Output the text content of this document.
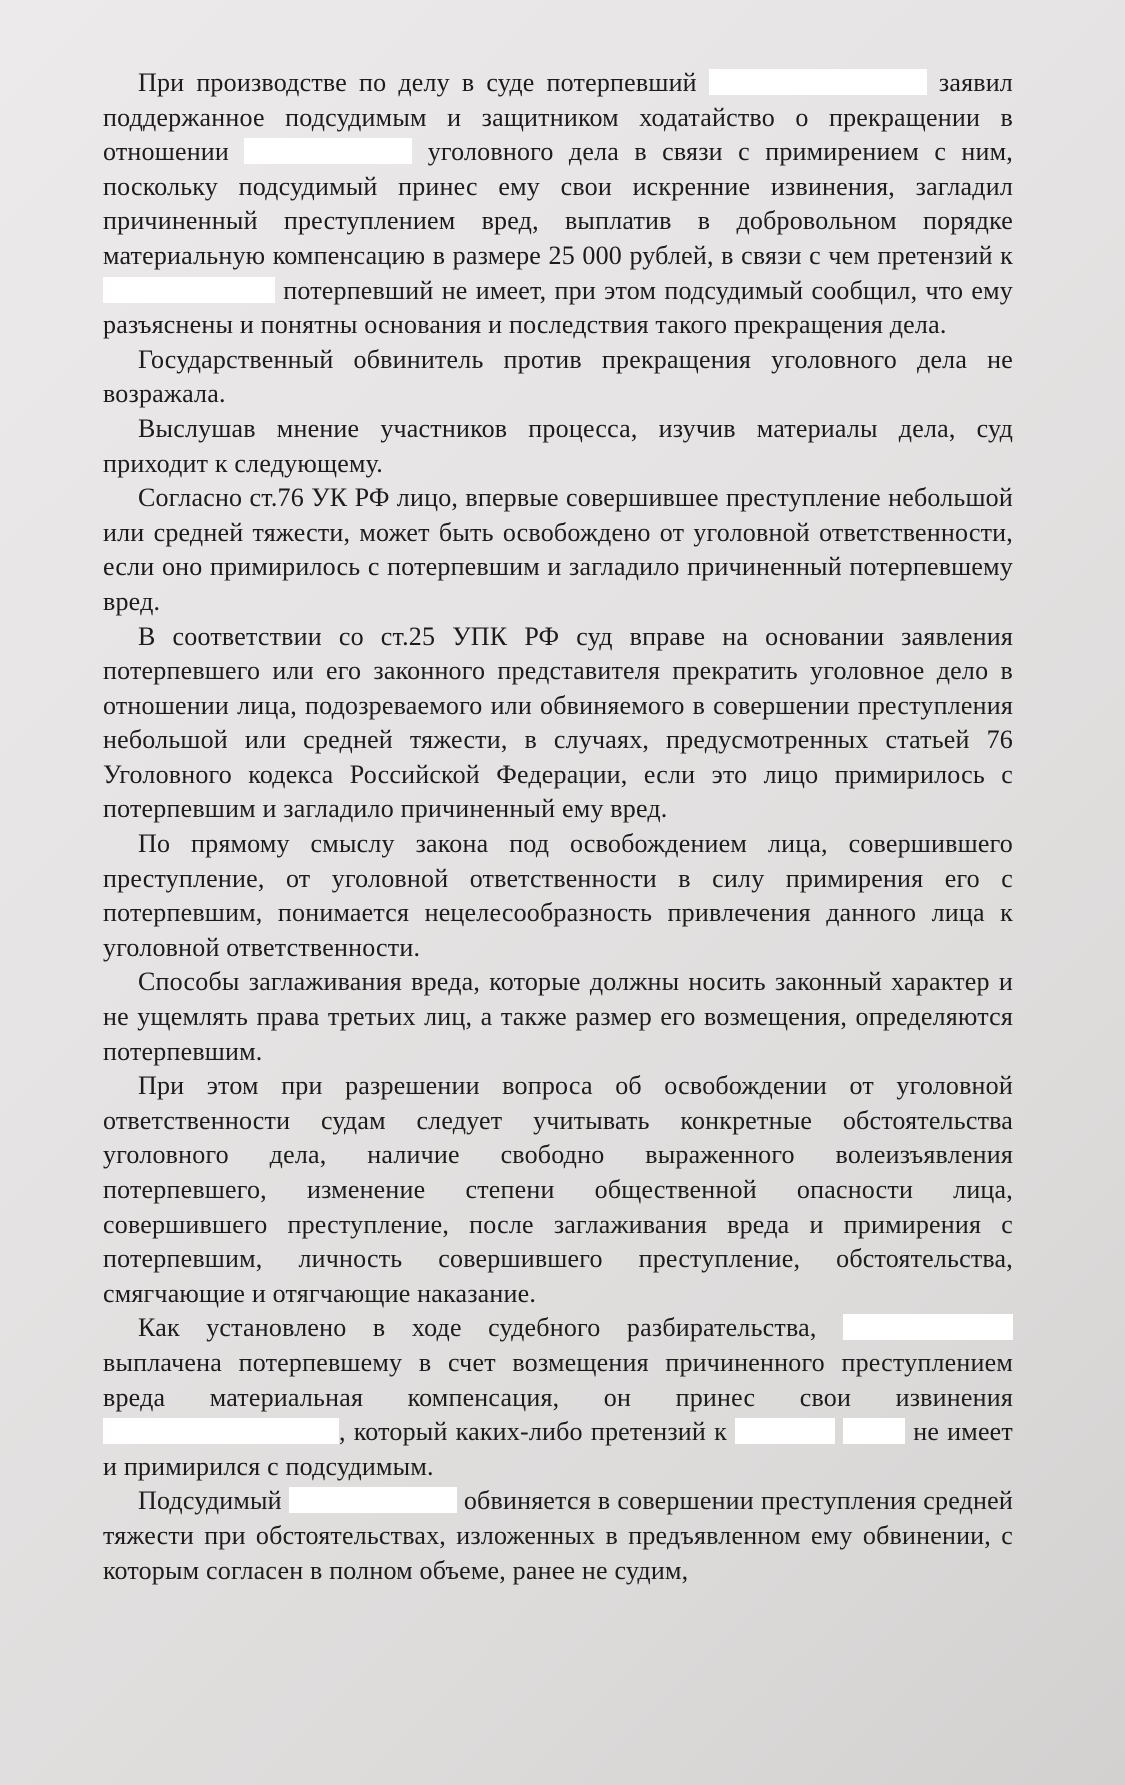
При производстве по делу в суде потерпевший	заявил поддержанное подсудимым и защитником ходатайство о прекращении в отношении	уголовного дела в связи с примирением с ним, поскольку подсудимый принес ему свои искренние извинения, загладил причиненный преступлением вред, выплатив в добровольном порядке материальную компенсацию в размере 25 000 рублей, в связи с чем претензий к  потерпевший не имеет, при этом подсудимый сообщил, что ему разъяснены и понятны основания и последствия такого прекращения дела.

Государственный обвинитель против прекращения уголовного дела не возражала.

Выслушав мнение участников процесса, изучив материалы дела, суд приходит к следующему.

Согласно ст.76 УК РФ лицо, впервые совершившее преступление небольшой или средней тяжести, может быть освобождено от уголовной ответственности, если оно примирилось с потерпевшим и загладило причиненный потерпевшему вред.

В соответствии со ст.25 УПК РФ суд вправе на основании заявления потерпевшего или его законного представителя прекратить уголовное дело в отношении лица, подозреваемого или обвиняемого в совершении преступления небольшой или средней тяжести, в случаях, предусмотренных статьей 76 Уголовного кодекса Российской Федерации, если это лицо примирилось с потерпевшим и загладило причиненный ему вред.

По прямому смыслу закона под освобождением лица, совершившего преступление, от уголовной ответственности в силу примирения его с потерпевшим, понимается нецелесообразность привлечения данного лица к уголовной ответственности.

Способы заглаживания вреда, которые должны носить законный характер и не ущемлять права третьих лиц, а также размер его возмещения, определяются потерпевшим.

При этом при разрешении вопроса об освобождении от уголовной ответственности судам следует учитывать конкретные обстоятельства уголовного дела, наличие свободно выраженного волеизъявления потерпевшего, изменение степени общественной опасности лица, совершившего преступление, после заглаживания вреда и примирения с потерпевшим, личность совершившего преступление, обстоятельства, смягчающие и отягчающие наказание.

Как установлено в ходе судебного разбирательства,  выплачена потерпевшему в счет возмещения причиненного преступлением вреда материальная компенсация, он принес свои извинения , который каких-либо претензий к	не имеет и примирился с подсудимым.

Подсудимый	обвиняется в совершении преступления средней тяжести при обстоятельствах, изложенных в предъявленном ему обвинении, с которым согласен в полном объеме, ранее не судим,
